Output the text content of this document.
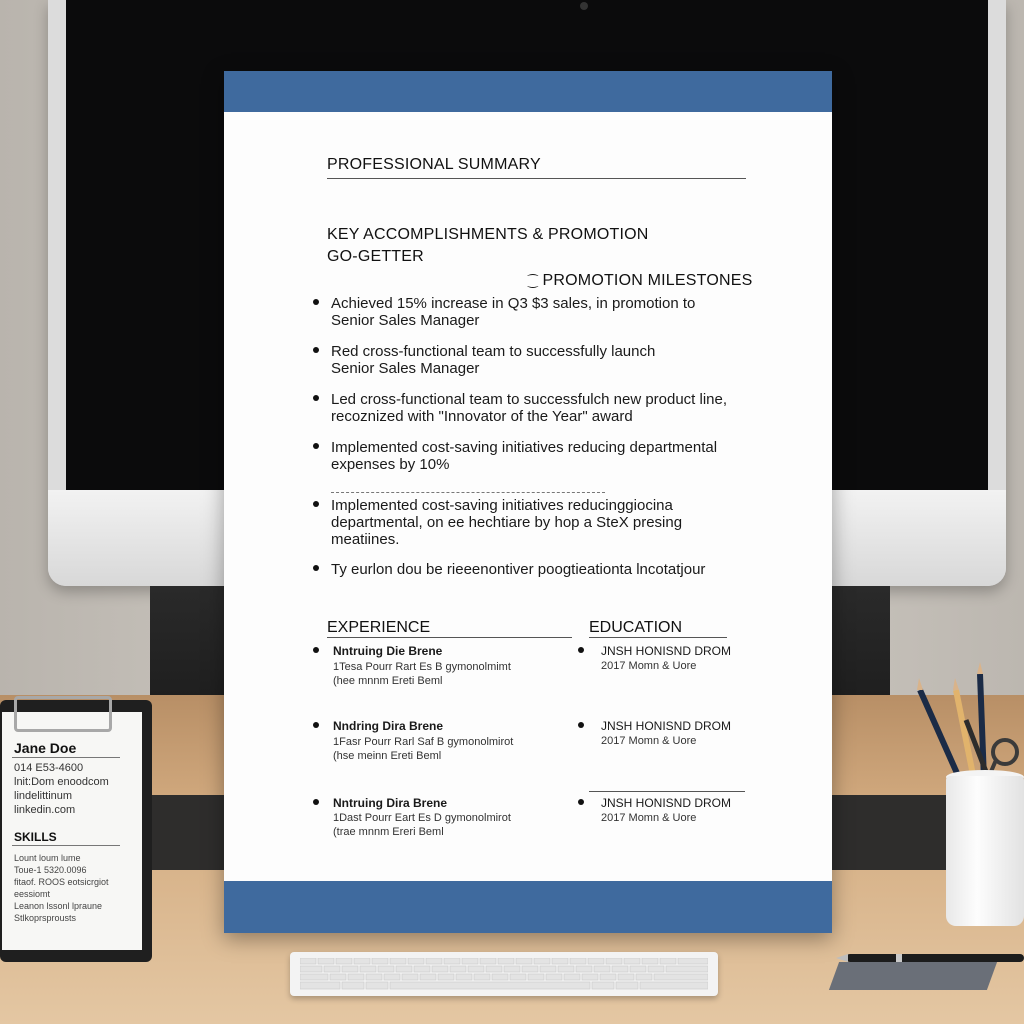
PROFESSIONAL SUMMARY
KEY ACCOMPLISHMENTS & PROMOTION
GO-GETTER
⁐ PROMOTION MILESTONES
Achieved 15% increase in Q3 $3 sales, in promotion to
Senior Sales Manager
Red cross-functional team to successfully launch
Senior Sales Manager
Led cross-functional team to successfulch new product line,
recoznized with "Innovator of the Year" award
Implemented cost-saving initiatives reducing departmental
expenses by 10%
Implemented cost-saving initiatives reducinggiocina
departmental, on ee hechtiare by hop a SteX presing
meatiines.
Ty eurlon dou be rieeenontiver poogtieationta lncotatjour
EXPERIENCE	EDUCATION
Nntruing Die Brene
1Tesa Pourr Rart Es B gymonolmimt
(hee mnnm Ereti Beml
Nndring Dira Brene
1Fasr Pourr Rarl Saf B gymonolmirot
(hse meinn Ereti Beml
Nntruing Dira Brene
1Dast Pourr Eart Es D gymonolmirot
(trae mnnm Ereri Beml
JNSH HONISND DROM
2017 Momn & Uore
JNSH HONISND DROM
2017 Momn & Uore
JNSH HONISND DROM
2017 Momn & Uore
Jane Doe
014 E53-4600
lnit:Dom enoodcom
lindelittinum
linkedin.com
SKILLS
Lount loum lume
Toue-1 5320.0096
fitaof. ROOS eotsicrgiot
eessiomt
Leanon lssonl lpraune
Stlkoprsprousts
